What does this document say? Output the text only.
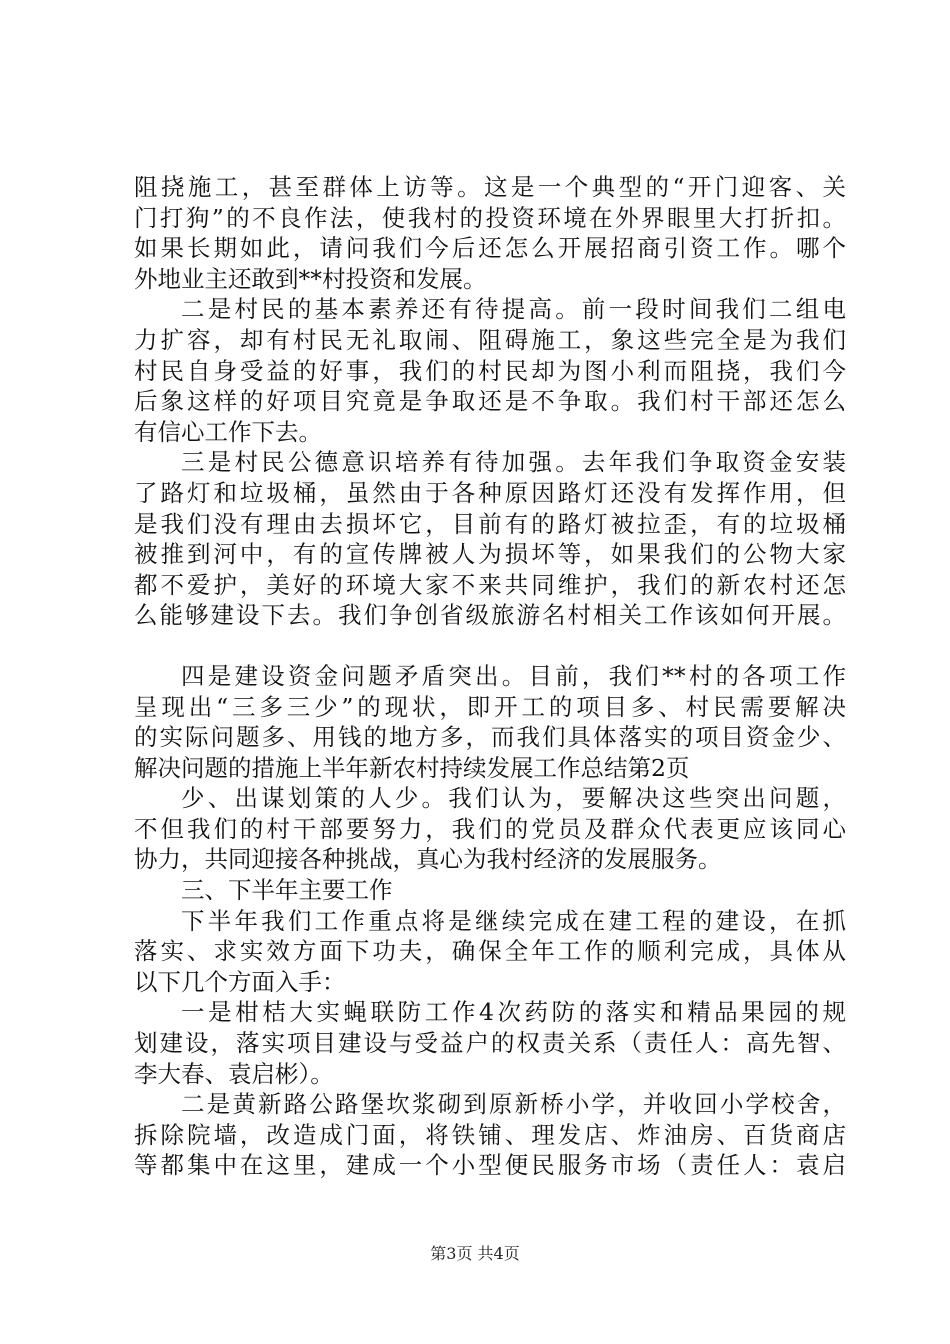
阻挠施工，甚至群体上访等。这是一个典型的“开门迎客、关
门打狗”的不良作法，使我村的投资环境在外界眼里大打折扣。
如果长期如此，请问我们今后还怎么开展招商引资工作。哪个
外地业主还敢到**村投资和发展。
二是村民的基本素养还有待提高。前一段时间我们二组电
力扩容，却有村民无礼取闹、阻碍施工，象这些完全是为我们
村民自身受益的好事，我们的村民却为图小利而阻挠，我们今
后象这样的好项目究竟是争取还是不争取。我们村干部还怎么
有信心工作下去。
三是村民公德意识培养有待加强。去年我们争取资金安装
了路灯和垃圾桶，虽然由于各种原因路灯还没有发挥作用，但
是我们没有理由去损坏它，目前有的路灯被拉歪，有的垃圾桶
被推到河中，有的宣传牌被人为损坏等，如果我们的公物大家
都不爱护，美好的环境大家不来共同维护，我们的新农村还怎
么能够建设下去。我们争创省级旅游名村相关工作该如何开展。
四是建设资金问题矛盾突出。目前，我们**村的各项工作
呈现出“三多三少”的现状，即开工的项目多、村民需要解决
的实际问题多、用钱的地方多，而我们具体落实的项目资金少、
解决问题的措施上半年新农村持续发展工作总结第2页
少、出谋划策的人少。我们认为，要解决这些突出问题，
不但我们的村干部要努力，我们的党员及群众代表更应该同心
协力，共同迎接各种挑战，真心为我村经济的发展服务。
三、下半年主要工作
下半年我们工作重点将是继续完成在建工程的建设，在抓
落实、求实效方面下功夫，确保全年工作的顺利完成，具体从
以下几个方面入手：
一是柑桔大实蝇联防工作4次药防的落实和精品果园的规
划建设，落实项目建设与受益户的权责关系（责任人：高先智、
李大春、袁启彬）。
二是黄新路公路堡坎浆砌到原新桥小学，并收回小学校舍，
拆除院墙，改造成门面，将铁铺、理发店、炸油房、百货商店
等都集中在这里，建成一个小型便民服务市场（责任人：袁启
第3页 共4页
